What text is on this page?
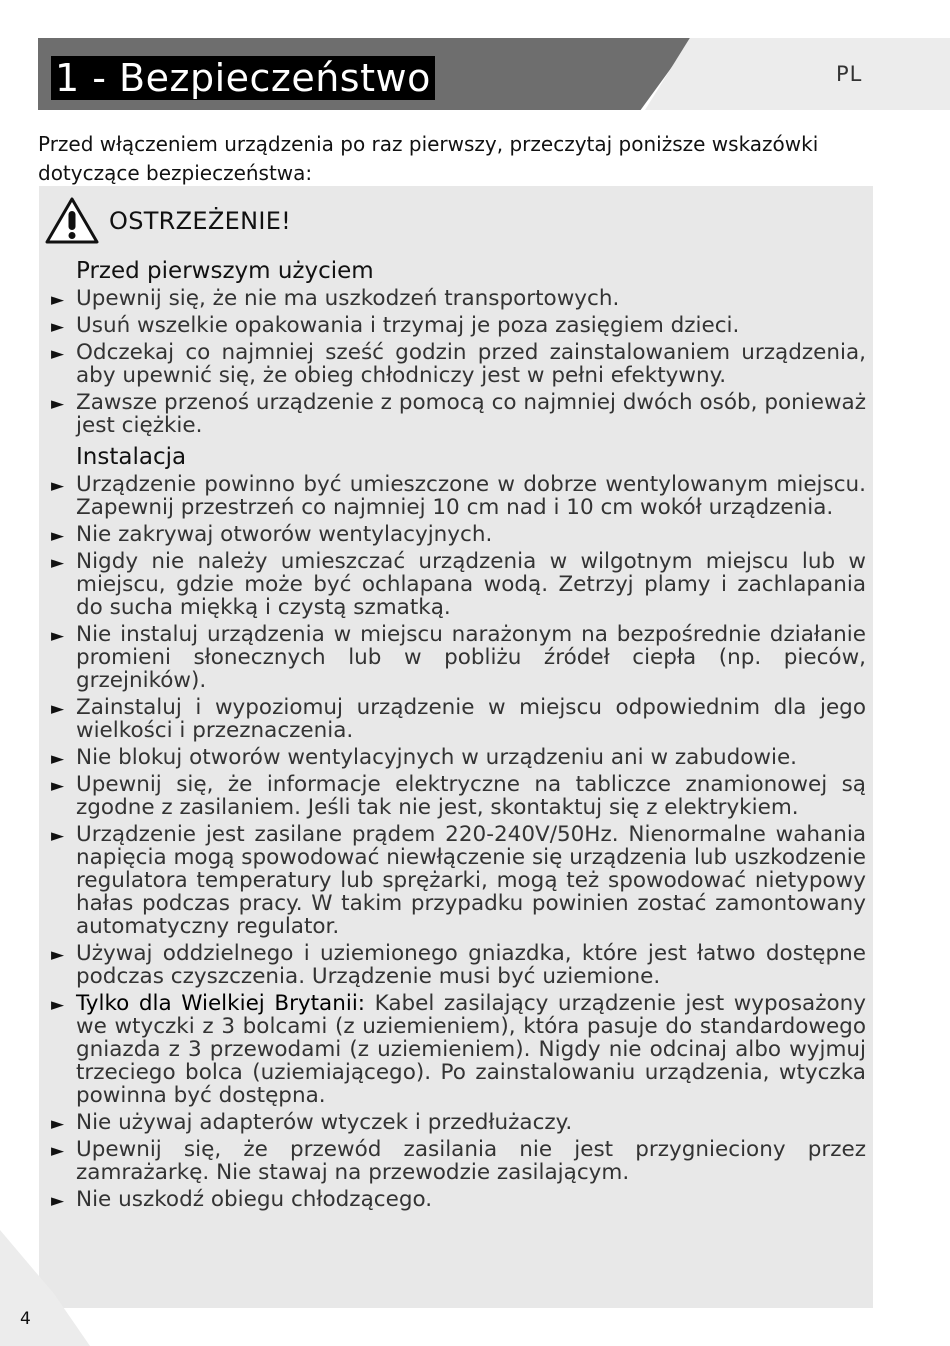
1 - Bezpieczeństwo	PL
Przed włączeniem urządzenia po raz pierwszy, przeczytaj poniższe wskazówki dotyczące bezpieczeństwa:
OSTRZEŻENIE!
Przed pierwszym użyciem
► Upewnij się, że nie ma uszkodzeń transportowych.
► Usuń wszelkie opakowania i trzymaj je poza zasięgiem dzieci.
► Odczekaj co najmniej sześć godzin przed zainstalowaniem urządzenia, aby upewnić się, że obieg chłodniczy jest w pełni efektywny.
► Zawsze przenoś urządzenie z pomocą co najmniej dwóch osób, ponieważ jest ciężkie.
Instalacja
► Urządzenie powinno być umieszczone w dobrze wentylowanym miejscu. Zapewnij przestrzeń co najmniej 10 cm nad i 10 cm wokół urządzenia.
► Nie zakrywaj otworów wentylacyjnych.
► Nigdy nie należy umieszczać urządzenia w wilgotnym miejscu lub w miejscu, gdzie może być ochlapana wodą. Zetrzyj plamy i zachlapania do sucha miękką i czystą szmatką.
► Nie instaluj urządzenia w miejscu narażonym na bezpośrednie działanie promieni słonecznych lub w pobliżu źródeł ciepła (np. pieców, grzejników).
► Zainstaluj i wypoziomuj urządzenie w miejscu odpowiednim dla jego wielkości i przeznaczenia.
► Nie blokuj otworów wentylacyjnych w urządzeniu ani w zabudowie.
► Upewnij się, że informacje elektryczne na tabliczce znamionowej są zgodne z zasilaniem. Jeśli tak nie jest, skontaktuj się z elektrykiem.
► Urządzenie jest zasilane prądem 220-240V/50Hz. Nienormalne wahania napięcia mogą spowodować niewłączenie się urządzenia lub uszkodzenie regulatora temperatury lub sprężarki, mogą też spowodować nietypowy hałas podczas pracy. W takim przypadku powinien zostać zamontowany automatyczny regulator.
► Używaj oddzielnego i uziemionego gniazdka, które jest łatwo dostępne podczas czyszczenia. Urządzenie musi być uziemione.
► Tylko dla Wielkiej Brytanii: Kabel zasilający urządzenie jest wyposażony we wtyczki z 3 bolcami (z uziemieniem), która pasuje do standardowego gniazda z 3 przewodami (z uziemieniem). Nigdy nie odcinaj albo wyjmuj trzeciego bolca (uziemiającego). Po zainstalowaniu urządzenia, wtyczka powinna być dostępna.
► Nie używaj adapterów wtyczek i przedłużaczy.
► Upewnij się, że przewód zasilania nie jest przygnieciony przez zamrażarkę. Nie stawaj na przewodzie zasilającym.
► Nie uszkodź obiegu chłodzącego.
4
